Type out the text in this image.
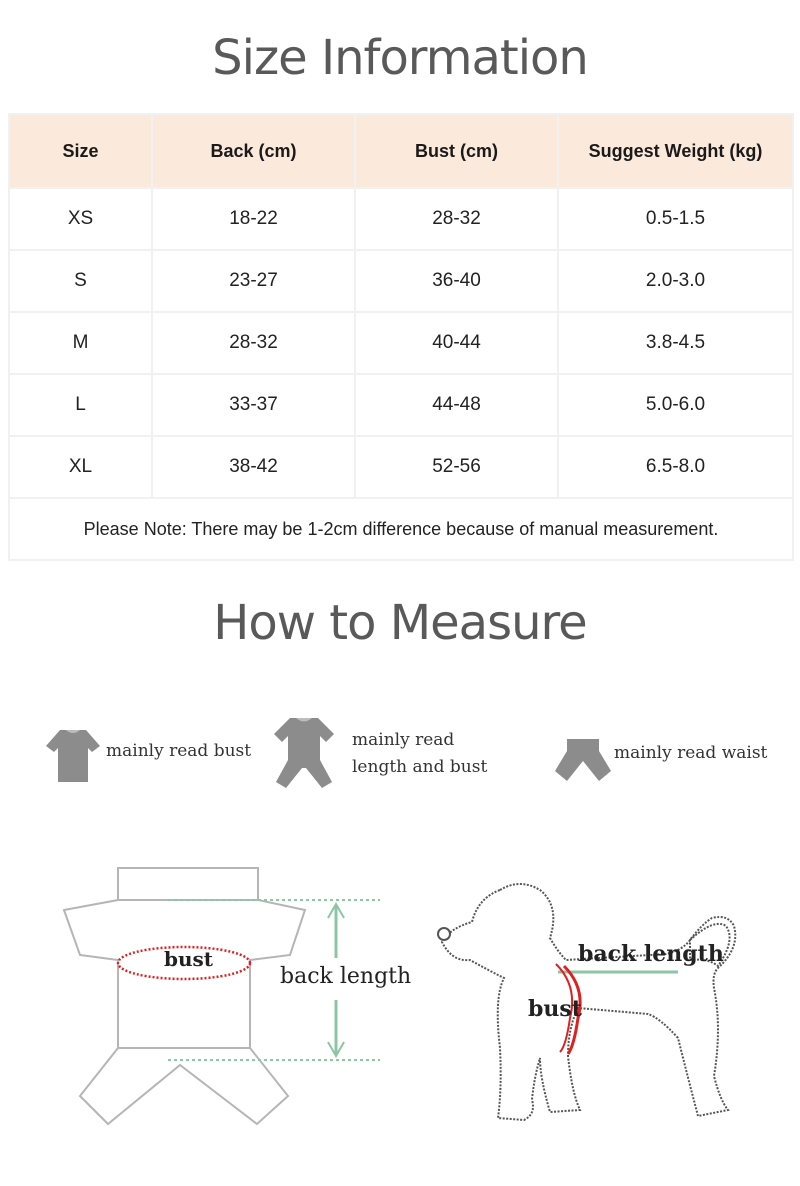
Size Information
Size	Back (cm)	Bust (cm)	Suggest Weight (kg)
XS	18-22	28-32	0.5-1.5
S	23-27	36-40	2.0-3.0
M	28-32	40-44	3.8-4.5
L	33-37	44-48	5.0-6.0
XL	38-42	52-56	6.5-8.0
Please Note: There may be 1-2cm difference because of manual measurement.			
How to Measure
mainly read bust
mainly read
length and bust
mainly read waist
bust
back length
back length
bust
